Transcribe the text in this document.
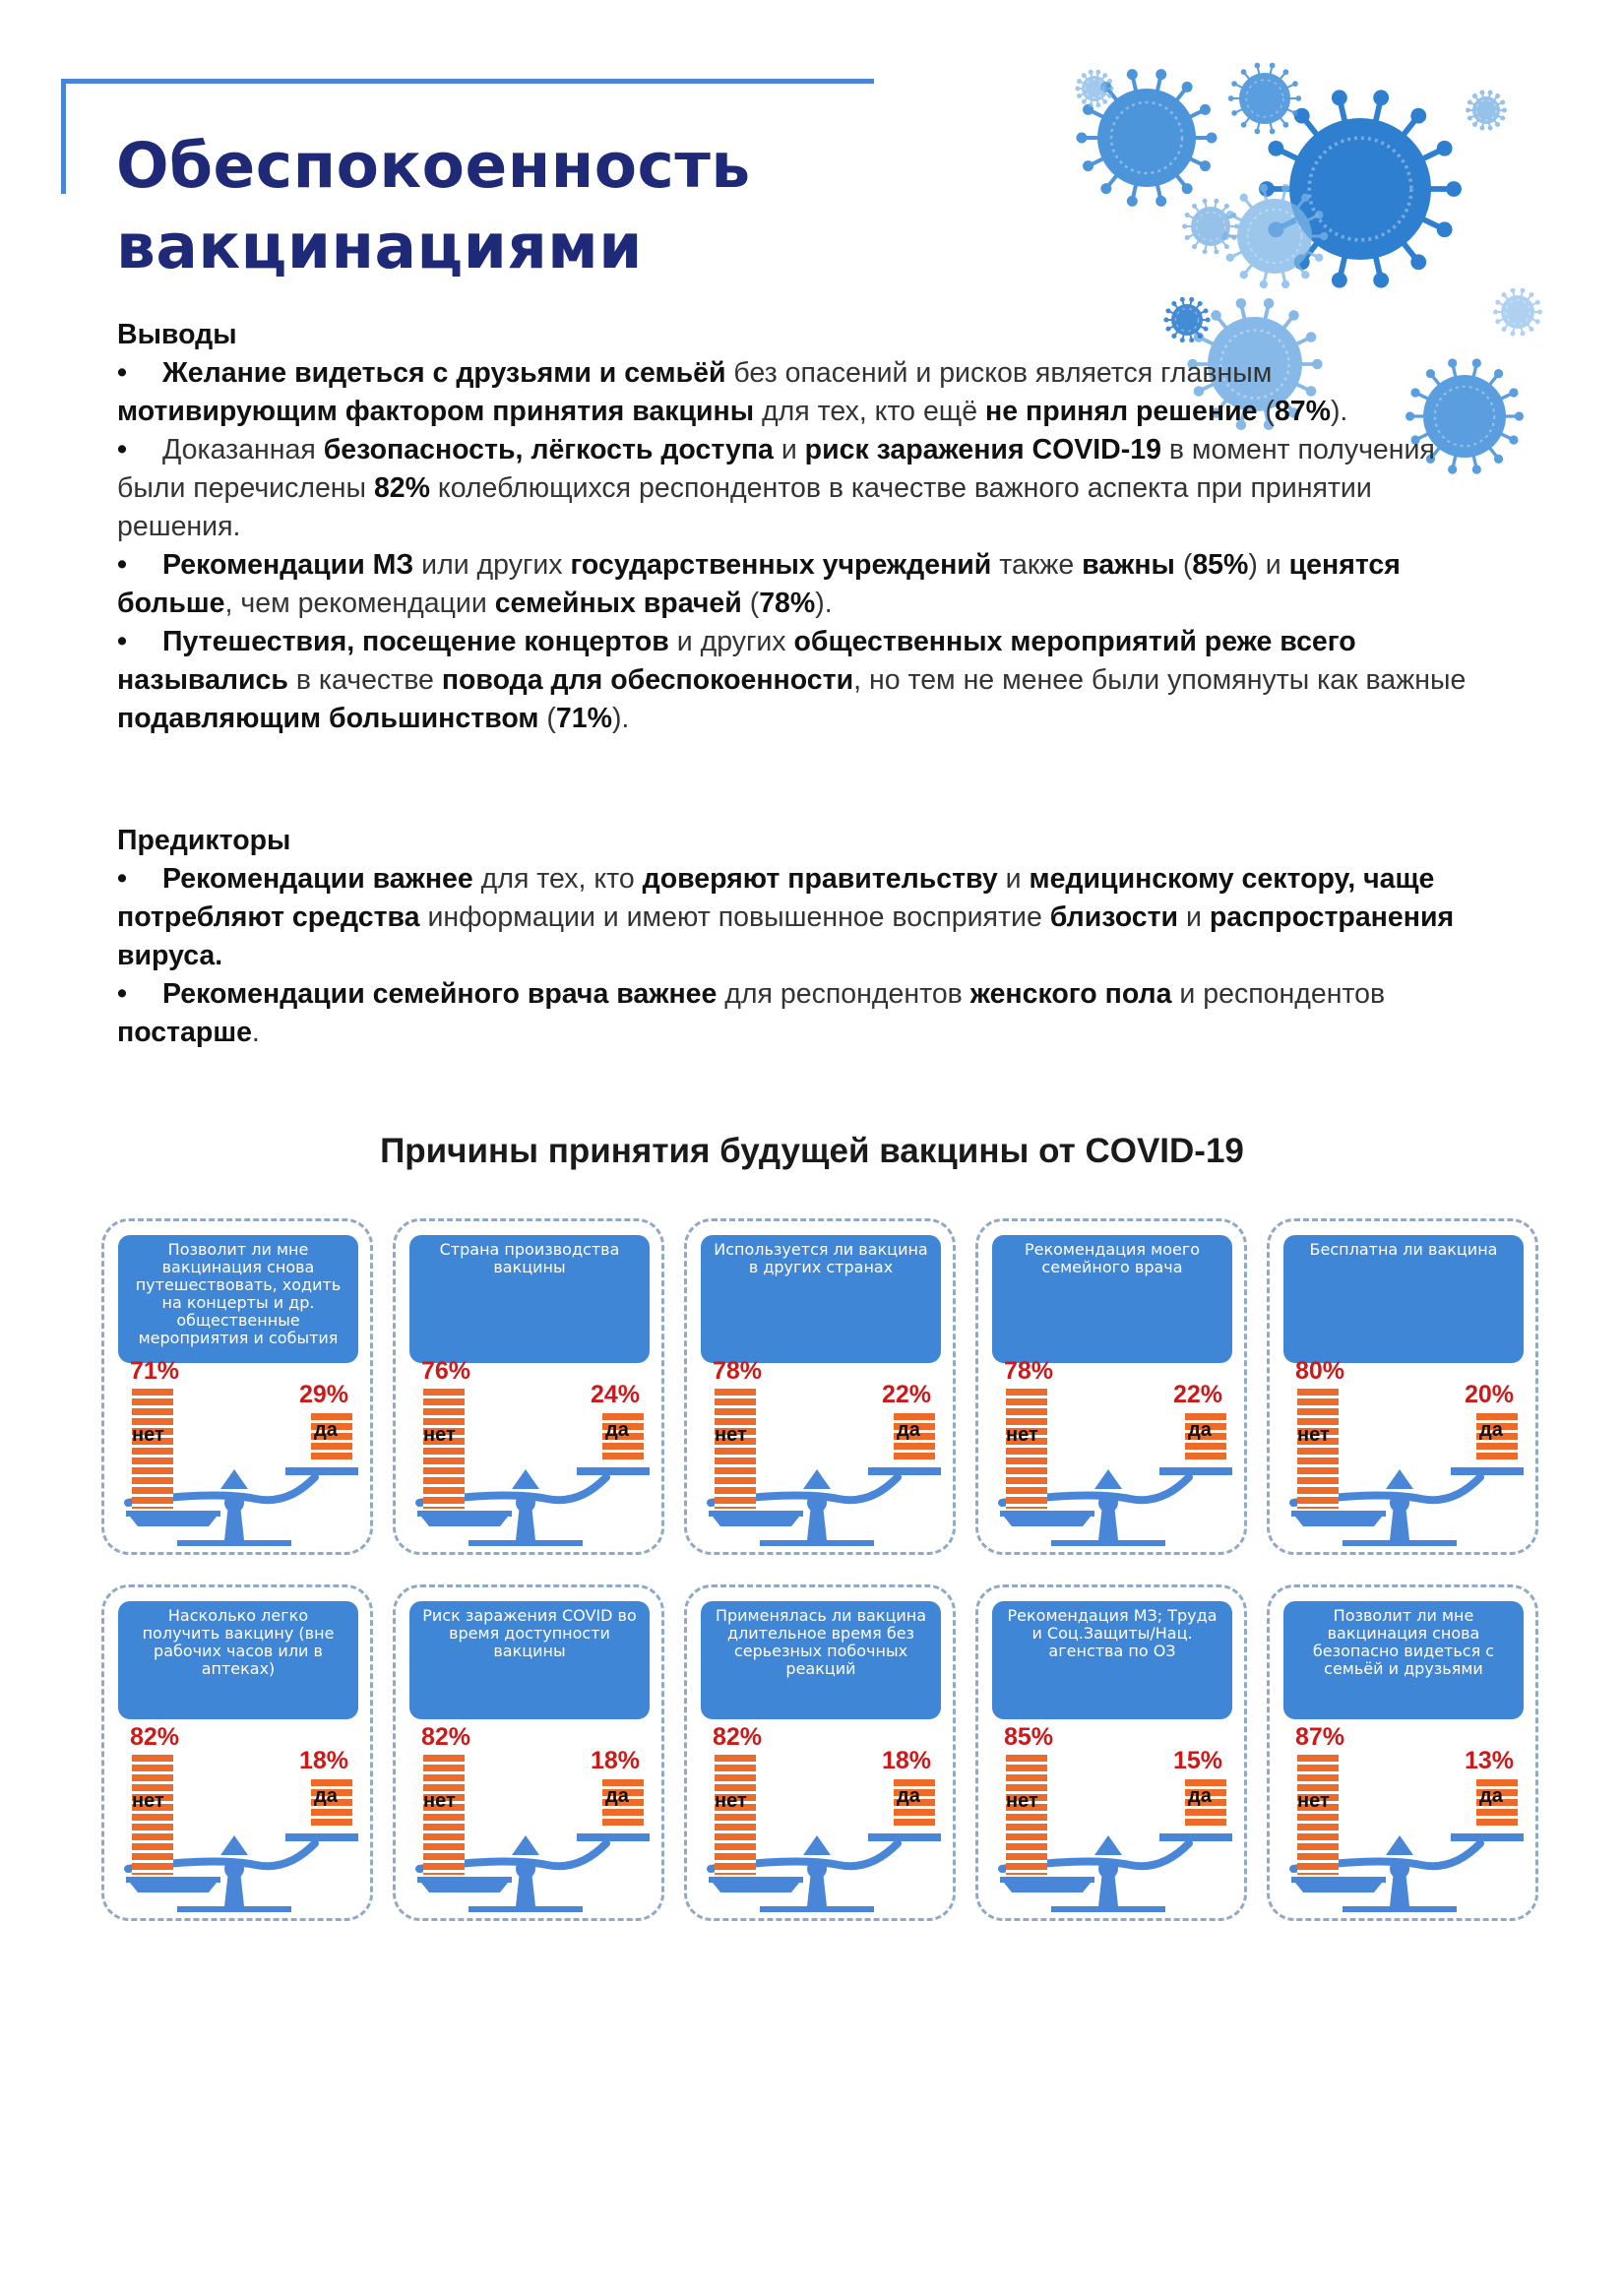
Обеспокоенность
вакцинациями
Выводы

• Желание видеться с друзьями и семьёй без опасений и рисков является главным мотивирующим фактором принятия вакцины для тех, кто ещё не принял решение (87%).

• Доказанная безопасность, лёгкость доступа и риск заражения COVID-19 в момент получения были перечислены 82% колеблющихся респондентов в качестве важного аспекта при принятии решения.

• Рекомендации МЗ или других государственных учреждений также важны (85%) и ценятся больше, чем рекомендации семейных врачей (78%).

• Путешествия, посещение концертов и других общественных мероприятий реже всего назывались в качестве повода для обеспокоенности, но тем не менее были упомянуты как важные подавляющим большинством (71%).

Предикторы

• Рекомендации важнее для тех, кто доверяют правительству и медицинскому сектору, чаще потребляют средства информации и имеют повышенное восприятие близости и распространения вируса.

• Рекомендации семейного врача важнее для респондентов женского пола и респондентов постарше.

Причины принятия будущей вакцины от COVID-19
Позволит ли мне вакцинация снова путешествовать, ходить на концерты и др. общественные мероприятия и события
71%
29%
нет	да
Страна производства вакцины
76%
24%
нет	да
Используется ли вакцина в других странах
78%
22%
нет	да
Рекомендация моего семейного врача
78%
22%
нет	да
Бесплатна ли вакцина
80%
20%
нет	да
Насколько легко получить вакцину (вне рабочих часов или в аптеках)
82%
18%
нет	да
Риск заражения COVID во время доступности вакцины
82%
18%
нет	да
Применялась ли вакцина длительное время без серьезных побочных реакций
82%
18%
нет	да
Рекомендация МЗ; Труда и Соц.Защиты/Нац. агенства по ОЗ
85%
15%
нет	да
Позволит ли мне вакцинация снова безопасно видеться с семьёй и друзьями
87%
13%
нет	да
